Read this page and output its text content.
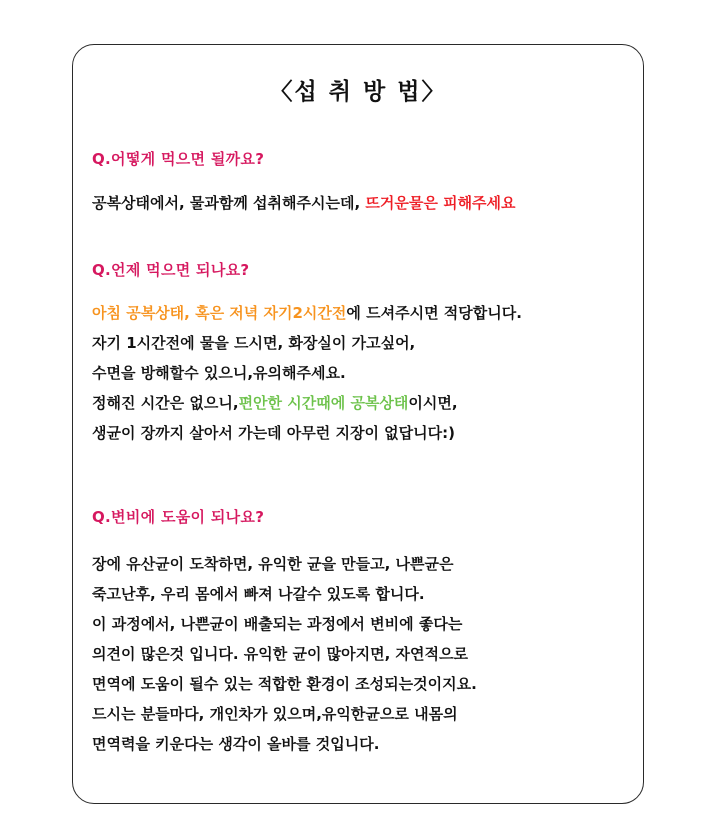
〈섭 취 방 법〉
Q.어떻게 먹으면 될까요?
공복상태에서, 물과함께 섭취해주시는데, 뜨거운물은 피해주세요
Q.언제 먹으면 되나요?
아침 공복상태, 혹은 저녁 자기2시간전에 드셔주시면 적당합니다.
자기 1시간전에 물을 드시면, 화장실이 가고싶어,
수면을 방해할수 있으니,유의해주세요.
정해진 시간은 없으니,편안한 시간때에 공복상태이시면,
생균이 장까지 살아서 가는데 아무런 지장이 없답니다:)
Q.변비에 도움이 되나요?
장에 유산균이 도착하면, 유익한 균을 만들고, 나쁜균은
죽고난후, 우리 몸에서 빠져 나갈수 있도록 합니다.
이 과정에서, 나쁜균이 배출되는 과정에서 변비에 좋다는
의견이 많은것 입니다. 유익한 균이 많아지면, 자연적으로
면역에 도움이 될수 있는 적합한 환경이 조성되는것이지요.
드시는 분들마다, 개인차가 있으며,유익한균으로 내몸의
면역력을 키운다는 생각이 올바를 것입니다.
